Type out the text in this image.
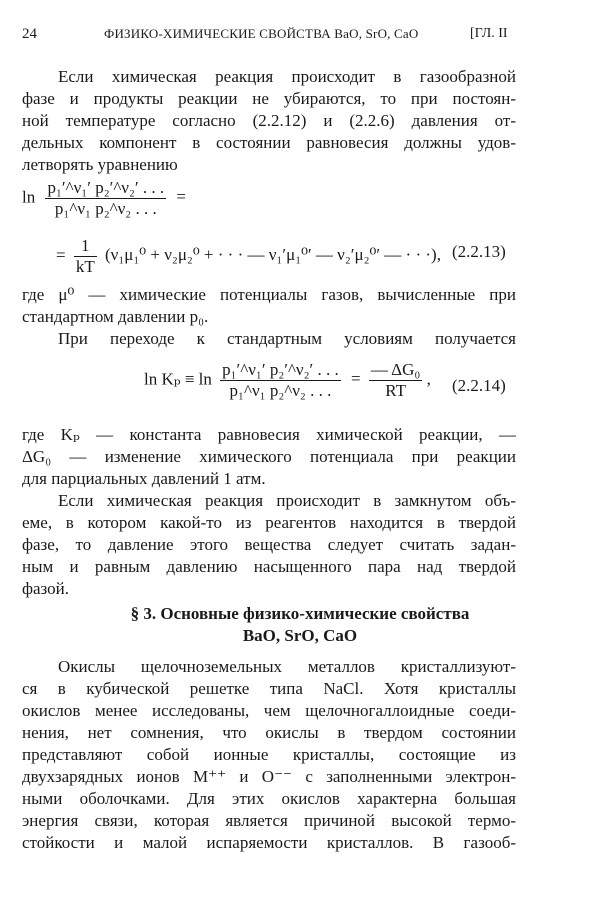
24	ФИЗИКО-ХИМИЧЕСКИЕ СВОЙСТВА BaO, SrO, CaO	[ГЛ. II
Если химическая реакция происходит в газообразной
фазе и продукты реакции не убираются, то при постоян-
ной температуре согласно (2.2.12) и (2.2.6) давления от-
дельных компонент в состоянии равновесия должны удов-
летворять уравнению
$\ln \frac{\text{p₁′\textasciicircum{}ν₁′ p₂′\textasciicircum{}ν₂′ . . .}}{\text{p₁\textasciicircum{}ν₁ p₂\textasciicircum{}ν₂ . . .}}$ =
= $\frac{1}{kT} (\nu_1\mu_1^0 + \nu_2\mu_2^0$ + · · · — ν₁′μ₁⁰′ — ν₂′μ₂⁰′ — · · ·), (2.2.13)
где μ⁰ — химические потенциалы газов, вычисленные при
стандартном давлении p₀.
При переходе к стандартным условиям получается
$\ln K_p \equiv \ln \frac{\text{p₁′\textasciicircum{}ν₁′ p₂′\textasciicircum{}ν₂′ . . .}}{\text{p₁\textasciicircum{}ν₁ p₂\textasciicircum{}ν₂ . . .}} = \frac{\text{— ΔG₀}}{RT}$ , (2.2.14)
где Kₚ — константа равновесия химической реакции, —
ΔG₀ — изменение химического потенциала при реакции
для парциальных давлений 1 атм.
Если химическая реакция происходит в замкнутом объ-
еме, в котором какой-то из реагентов находится в твердой
фазе, то давление этого вещества следует считать задан-
ным и равным давлению насыщенного пара над твердой
фазой.
§ 3. Основные физико-химические свойства
BaO, SrO, CaO
Окислы щелочноземельных металлов кристаллизуют-
ся в кубической решетке типа NaCl. Хотя кристаллы
окислов менее исследованы, чем щелочногаллоидные соеди-
нения, нет сомнения, что окислы в твердом состоянии
представляют собой ионные кристаллы, состоящие из
двухзарядных ионов M⁺⁺ и O⁻⁻ с заполненными электрон-
ными оболочками. Для этих окислов характерна большая
энергия связи, которая является причиной высокой термо-
стойкости и малой испаряемости кристаллов. В газооб-
